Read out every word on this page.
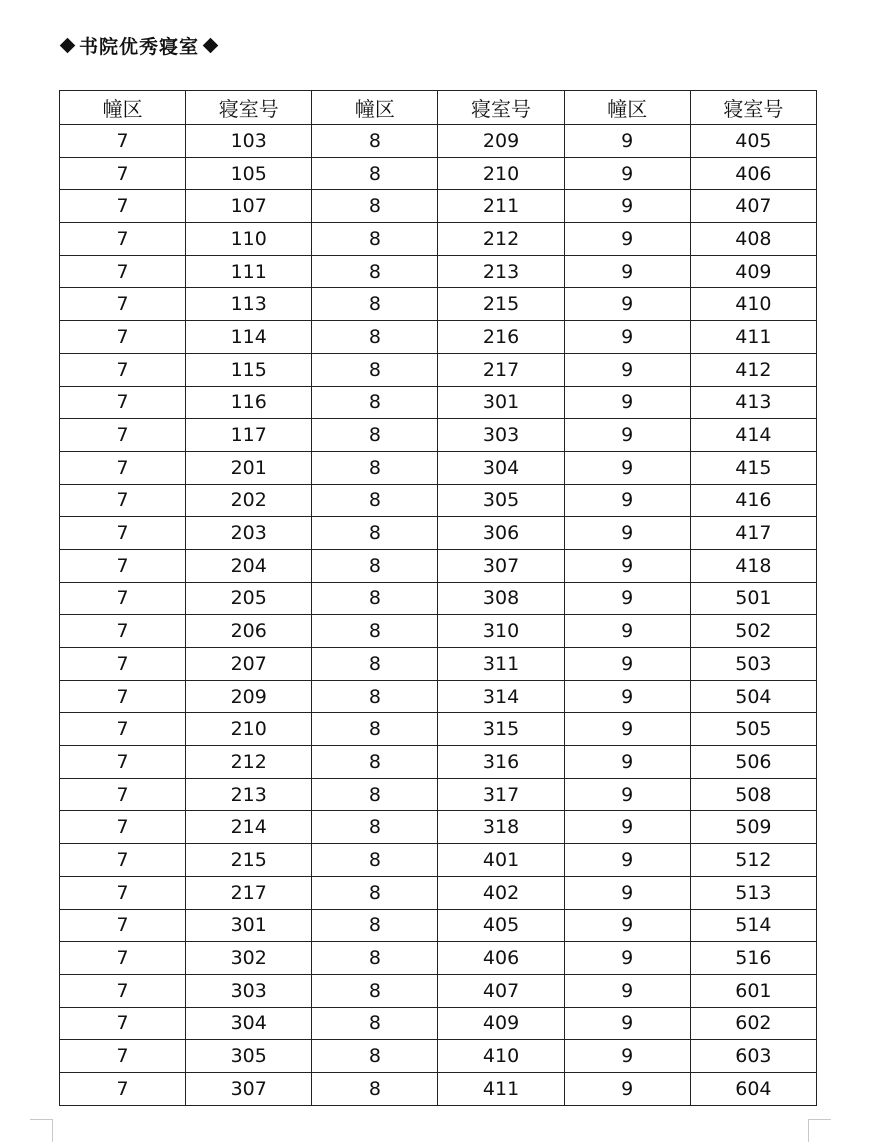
书院优秀寝室
幢区	寝室号	幢区	寝室号	幢区	寝室号
7	103	8	209	9	405
7	105	8	210	9	406
7	107	8	211	9	407
7	110	8	212	9	408
7	111	8	213	9	409
7	113	8	215	9	410
7	114	8	216	9	411
7	115	8	217	9	412
7	116	8	301	9	413
7	117	8	303	9	414
7	201	8	304	9	415
7	202	8	305	9	416
7	203	8	306	9	417
7	204	8	307	9	418
7	205	8	308	9	501
7	206	8	310	9	502
7	207	8	311	9	503
7	209	8	314	9	504
7	210	8	315	9	505
7	212	8	316	9	506
7	213	8	317	9	508
7	214	8	318	9	509
7	215	8	401	9	512
7	217	8	402	9	513
7	301	8	405	9	514
7	302	8	406	9	516
7	303	8	407	9	601
7	304	8	409	9	602
7	305	8	410	9	603
7	307	8	411	9	604
